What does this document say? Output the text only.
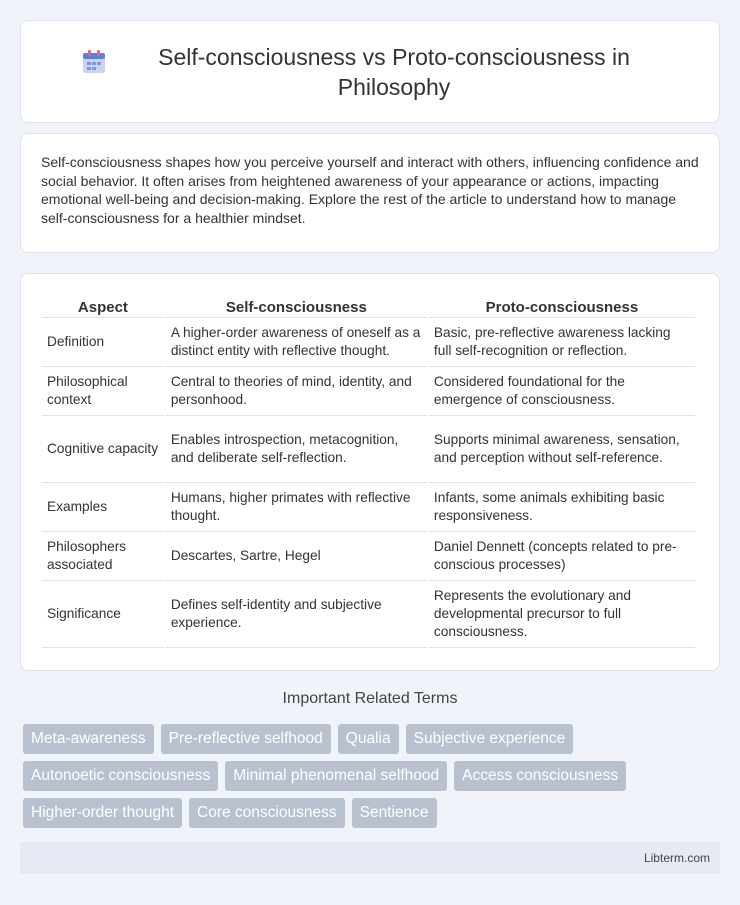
Self-consciousness vs Proto-consciousness in Philosophy

Self-consciousness shapes how you perceive yourself and interact with others, influencing confidence and social behavior. It often arises from heightened awareness of your appearance or actions, impacting emotional well-being and decision-making. Explore the rest of the article to understand how to manage self-consciousness for a healthier mindset.

Aspect	Self-consciousness	Proto-consciousness
Definition	A higher-order awareness of oneself as a distinct entity with reflective thought.	Basic, pre-reflective awareness lacking full self-recognition or reflection.
Philosophical context	Central to theories of mind, identity, and personhood.	Considered foundational for the emergence of consciousness.
Cognitive capacity	Enables introspection, metacognition, and deliberate self-reflection.	Supports minimal awareness, sensation, and perception without self-reference.
Examples	Humans, higher primates with reflective thought.	Infants, some animals exhibiting basic responsiveness.
Philosophers associated	Descartes, Sartre, Hegel	Daniel Dennett (concepts related to pre-conscious processes)
Significance	Defines self-identity and subjective experience.	Represents the evolutionary and developmental precursor to full consciousness.
Important Related Terms
Meta-awareness	Pre-reflective selfhood	Qualia	Subjective experience
Autonoetic consciousness	Minimal phenomenal selfhood	Access consciousness
Higher-order thought	Core consciousness	Sentience
Libterm.com
